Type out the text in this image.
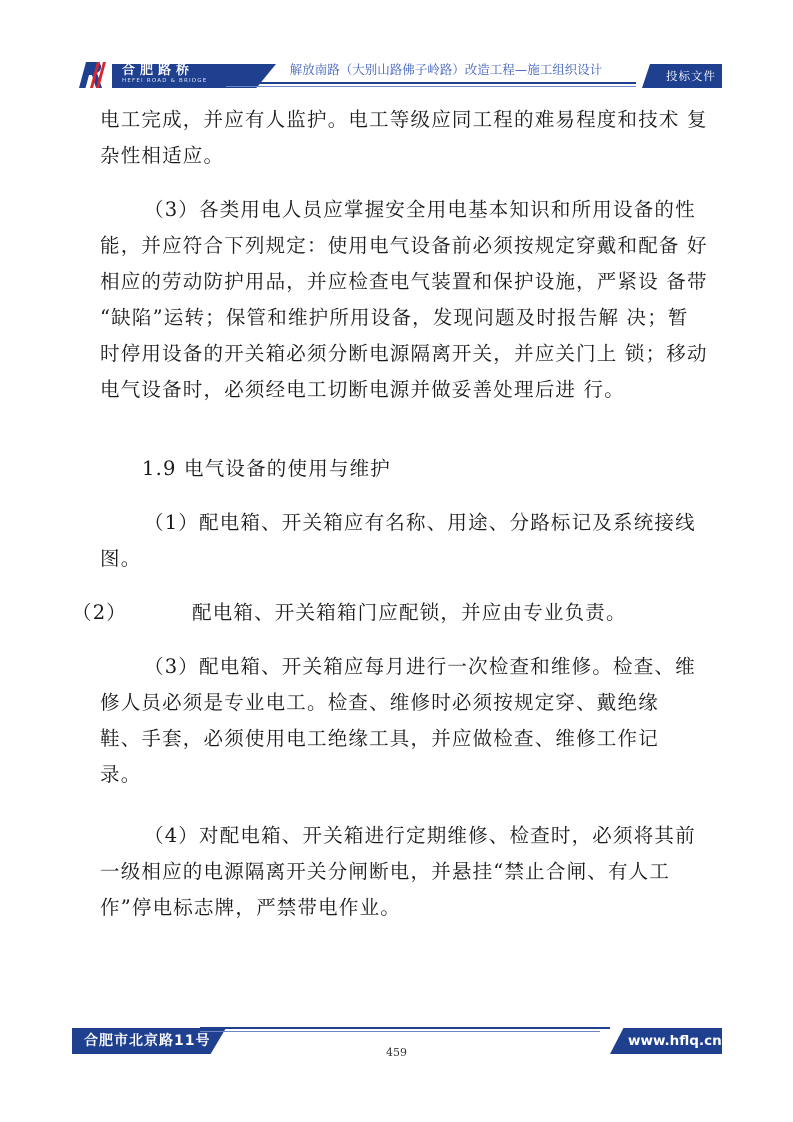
合肥路桥
HEFEI ROAD & BRIDGE
解放南路（大别山路佛子岭路）改造工程—施工组织设计	投标文件
电工完成，并应有人监护。电工等级应同工程的难易程度和技术 复
杂性相适应。
（3）各类用电人员应掌握安全用电基本知识和所用设备的性
能，并应符合下列规定：使用电气设备前必须按规定穿戴和配备 好
相应的劳动防护用品，并应检查电气装置和保护设施，严紧设 备带
“缺陷”运转；保管和维护所用设备，发现问题及时报告解 决；暂
时停用设备的开关箱必须分断电源隔离开关，并应关门上 锁；移动
电气设备时，必须经电工切断电源并做妥善处理后进 行。
1.9 电气设备的使用与维护
（1）配电箱、开关箱应有名称、用途、分路标记及系统接线
图。
（2）	配电箱、开关箱箱门应配锁，并应由专业负责。
（3）配电箱、开关箱应每月进行一次检查和维修。检查、维
修人员必须是专业电工。检查、维修时必须按规定穿、戴绝缘
鞋、手套，必须使用电工绝缘工具，并应做检查、维修工作记
录。
（4）对配电箱、开关箱进行定期维修、检查时，必须将其前
一级相应的电源隔离开关分闸断电，并悬挂“禁止合闸、有人工
作”停电标志牌，严禁带电作业。
合肥市北京路11号	www.hflq.cn
459
